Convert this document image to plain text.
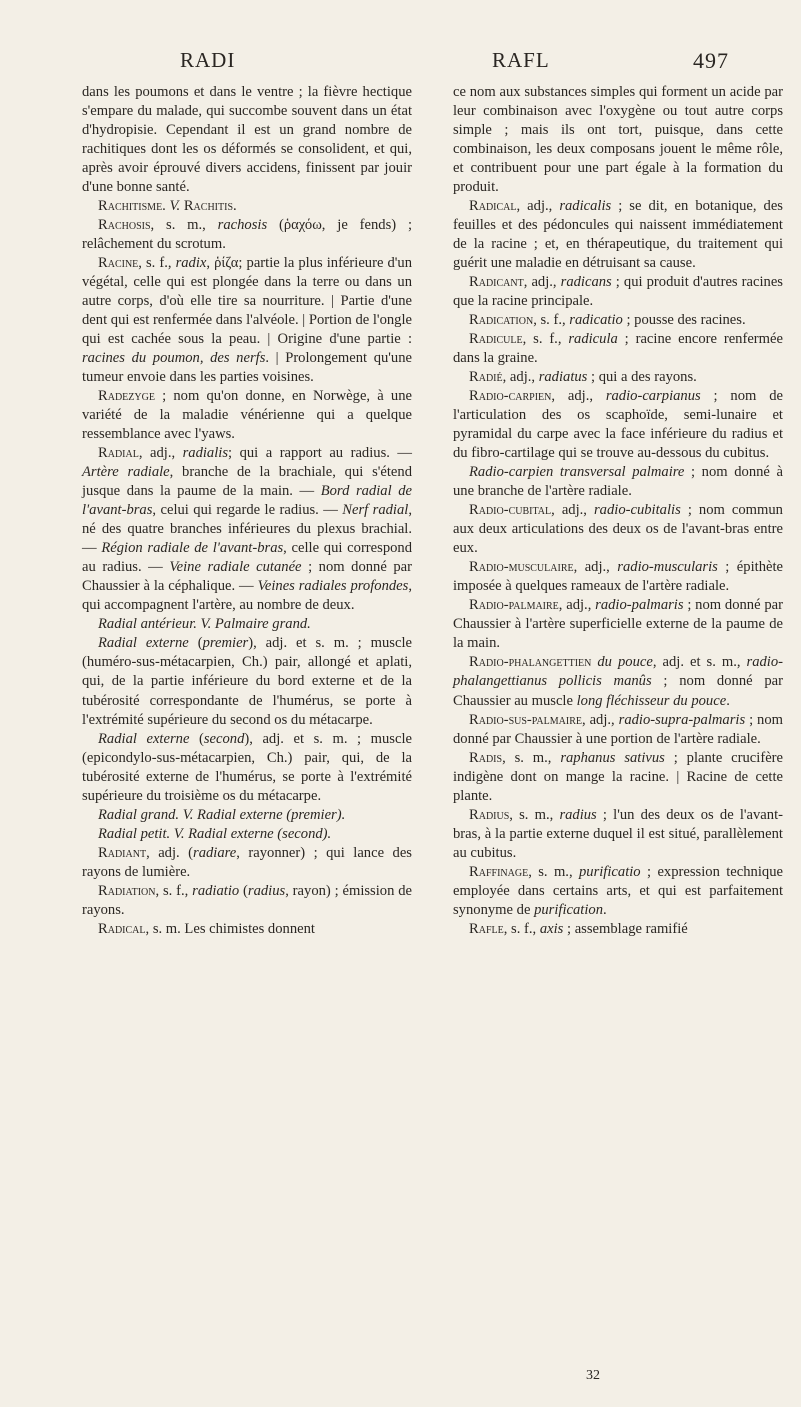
RADI	RAFL	497

dans les poumons et dans le ventre ; la fièvre hectique s'empare du malade, qui succombe souvent dans un état d'hydropisie. Cependant il est un grand nombre de rachitiques dont les os déformés se consolident, et qui, après avoir éprouvé divers accidens, finissent par jouir d'une bonne santé.

Rachitisme. V. Rachitis.

Rachosis, s. m., rachosis (ῥαχόω, je fends) ; relâchement du scrotum.

Racine, s. f., radix, ῥίζα; partie la plus inférieure d'un végétal, celle qui est plongée dans la terre ou dans un autre corps, d'où elle tire sa nourriture. | Partie d'une dent qui est renfermée dans l'alvéole. | Portion de l'ongle qui est cachée sous la peau. | Origine d'une partie : racines du poumon, des nerfs. | Prolongement qu'une tumeur envoie dans les parties voisines.

Radezyge ; nom qu'on donne, en Norwège, à une variété de la maladie vénérienne qui a quelque ressemblance avec l'yaws.

Radial, adj., radialis; qui a rapport au radius. — Artère radiale, branche de la brachiale, qui s'étend jusque dans la paume de la main. — Bord radial de l'avant-bras, celui qui regarde le radius. — Nerf radial, né des quatre branches inférieures du plexus brachial. — Région radiale de l'avant-bras, celle qui correspond au radius. — Veine radiale cutanée ; nom donné par Chaussier à la céphalique. — Veines radiales profondes, qui accompagnent l'artère, au nombre de deux.

Radial antérieur. V. Palmaire grand.

Radial externe (premier), adj. et s. m. ; muscle (huméro-sus-métacarpien, Ch.) pair, allongé et aplati, qui, de la partie inférieure du bord externe et de la tubérosité correspondante de l'humérus, se porte à l'extrémité supérieure du second os du métacarpe.

Radial externe (second), adj. et s. m. ; muscle (epicondylo-sus-métacarpien, Ch.) pair, qui, de la tubérosité externe de l'humérus, se porte à l'extrémité supérieure du troisième os du métacarpe.

Radial grand. V. Radial externe (premier).

Radial petit. V. Radial externe (second).

Radiant, adj. (radiare, rayonner) ; qui lance des rayons de lumière.

Radiation, s. f., radiatio (radius, rayon) ; émission de rayons.

Radical, s. m. Les chimistes donnent

ce nom aux substances simples qui forment un acide par leur combinaison avec l'oxygène ou tout autre corps simple ; mais ils ont tort, puisque, dans cette combinaison, les deux composans jouent le même rôle, et contribuent pour une part égale à la formation du produit.

Radical, adj., radicalis ; se dit, en botanique, des feuilles et des pédoncules qui naissent immédiatement de la racine ; et, en thérapeutique, du traitement qui guérit une maladie en détruisant sa cause.

Radicant, adj., radicans ; qui produit d'autres racines que la racine principale.

Radication, s. f., radicatio ; pousse des racines.

Radicule, s. f., radicula ; racine encore renfermée dans la graine.

Radié, adj., radiatus ; qui a des rayons.

Radio-carpien, adj., radio-carpianus ; nom de l'articulation des os scaphoïde, semi-lunaire et pyramidal du carpe avec la face inférieure du radius et du fibro-cartilage qui se trouve au-dessous du cubitus.

Radio-carpien transversal palmaire ; nom donné à une branche de l'artère radiale.

Radio-cubital, adj., radio-cubitalis ; nom commun aux deux articulations des deux os de l'avant-bras entre eux.

Radio-musculaire, adj., radio-muscularis ; épithète imposée à quelques rameaux de l'artère radiale.

Radio-palmaire, adj., radio-palmaris ; nom donné par Chaussier à l'artère superficielle externe de la paume de la main.

Radio-phalangettien du pouce, adj. et s. m., radio-phalangettianus pollicis manûs ; nom donné par Chaussier au muscle long fléchisseur du pouce.

Radio-sus-palmaire, adj., radio-supra-palmaris ; nom donné par Chaussier à une portion de l'artère radiale.

Radis, s. m., raphanus sativus ; plante crucifère indigène dont on mange la racine. | Racine de cette plante.

Radius, s. m., radius ; l'un des deux os de l'avant-bras, à la partie externe duquel il est situé, parallèlement au cubitus.

Raffinage, s. m., purificatio ; expression technique employée dans certains arts, et qui est parfaitement synonyme de purification.

Rafle, s. f., axis ; assemblage ramifié

32
